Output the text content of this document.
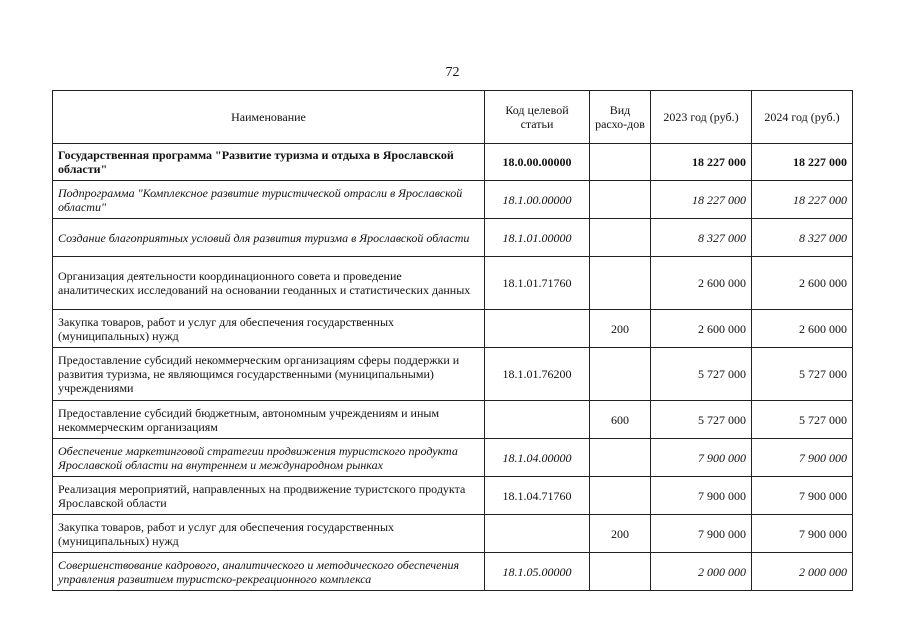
72
Наименование	Код целевой статьи	Вид расхо-дов	2023 год (руб.)	2024 год (руб.)
Государственная программа "Развитие туризма и отдыха в Ярославской области"	18.0.00.00000		18 227 000	18 227 000
Подпрограмма "Комплексное развитие туристической отрасли в Ярославской области"	18.1.00.00000		18 227 000	18 227 000
Создание благоприятных условий для развития туризма в Ярославской области	18.1.01.00000		8 327 000	8 327 000
Организация деятельности координационного совета и проведение аналитических исследований на основании геоданных и статистических данных	18.1.01.71760		2 600 000	2 600 000
Закупка товаров, работ и услуг для обеспечения государственных (муниципальных) нужд		200	2 600 000	2 600 000
Предоставление субсидий некоммерческим организациям сферы поддержки и развития туризма, не являющимся государственными (муниципальными) учреждениями	18.1.01.76200		5 727 000	5 727 000
Предоставление субсидий бюджетным, автономным учреждениям и иным некоммерческим организациям		600	5 727 000	5 727 000
Обеспечение маркетинговой стратегии продвижения туристского продукта Ярославской области на внутреннем и международном рынках	18.1.04.00000		7 900 000	7 900 000
Реализация мероприятий, направленных на продвижение туристского продукта Ярославской области	18.1.04.71760		7 900 000	7 900 000
Закупка товаров, работ и услуг для обеспечения государственных (муниципальных) нужд		200	7 900 000	7 900 000
Совершенствование кадрового, аналитического и методического обеспечения управления развитием туристско-рекреационного комплекса	18.1.05.00000		2 000 000	2 000 000
